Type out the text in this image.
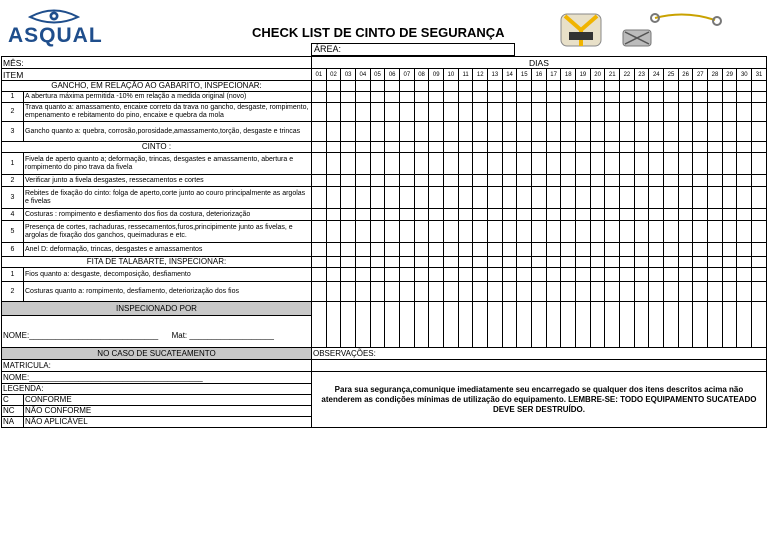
ASQUAL	CHECK LIST DE CINTO DE SEGURANÇA
ÁREA:
MÊS:		DIAS																														
ITEM		01	02	03	04	05	06	07	08	09	10	11	12	13	14	15	16	17	18	19	20	21	22	23	24	25	26	27	28	29	30	31
GANCHO, EM RELAÇÃO AO GABARITO, INSPECIONAR:																																
1	A abertura máxima permitida -10% em relação a medida original (novo)																															
2	Trava quanto a: amassamento, encaixe correto da trava no gancho, desgaste, rompimento, empenamento e rebitamento do pino, encaixe e quebra da mola																															
3	Gancho quanto a: quebra, corrosão,porosidade,amassamento,torção, desgaste e trincas																															
CINTO :																																
1	Fivela de aperto quanto a; deformação, trincas, desgastes e amassamento, abertura e rompimento do pino trava da fivela																															
2	Verificar junto a fivela desgastes, ressecamentos e cortes																															
3	Rebites de fixação do cinto: folga de aperto,corte junto ao couro principalmente as argolas e fivelas																															
4	Costuras : rompimento e desfiamento dos fios da costura, deteriorização																															
5	Presença de cortes, rachaduras, ressecamentos,furos,principimente junto as fivelas, e argolas de fixação dos ganchos, queimaduras e etc.																															
6	Anel D: deformação, trincas, desgastes e amassamentos																															
FITA DE TALABARTE, INSPECIONAR:																																
1	Fios quanto a: desgaste, decomposição, desfiamento																															
2	Costuras quanto a: rompimento, desfiamento, deteriorização dos fios																															
INSPECIONADO POR																																
NOME:_____________________________ Mat: ___________________																																
NO CASO DE SUCATEAMENTO		OBSERVAÇÕES:																														
MATRICULA:																																
NOME:_______________________________________		Para sua segurança,comunique imediatamente seu encarregado se qualquer dos itens descritos acima não atenderem as condições mínimas de utilização do equipamento. LEMBRE-SE: TODO EQUIPAMENTO SUCATEADO DEVE SER DESTRUÍDO.																														
LEGENDA:																																
C	CONFORME																															
NC	NÃO CONFORME																															
NA	NÃO APLICÁVEL																															
